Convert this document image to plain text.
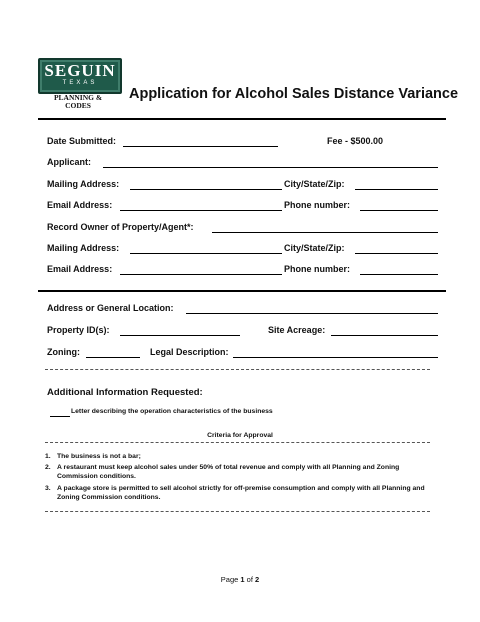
SEGUIN
TEXAS
PLANNING &
CODES
Application for Alcohol Sales Distance Variance
Date Submitted:	Fee - $500.00
Applicant:
Mailing Address:	City/State/Zip:
Email Address:	Phone number:
Record Owner of Property/Agent*:
Mailing Address:	City/State/Zip:
Email Address:	Phone number:
Address or General Location:
Property ID(s):	Site Acreage:
Zoning:	Legal Description:
Additional Information Requested:
Letter describing the operation characteristics of the business
Criteria for Approval
1. The business is not a bar;
2. A restaurant must keep alcohol sales under 50% of total revenue and comply with all Planning and Zoning Commission conditions.
3. A package store is permitted to sell alcohol strictly for off-premise consumption and comply with all Planning and Zoning Commission conditions.
Page 1 of 2
